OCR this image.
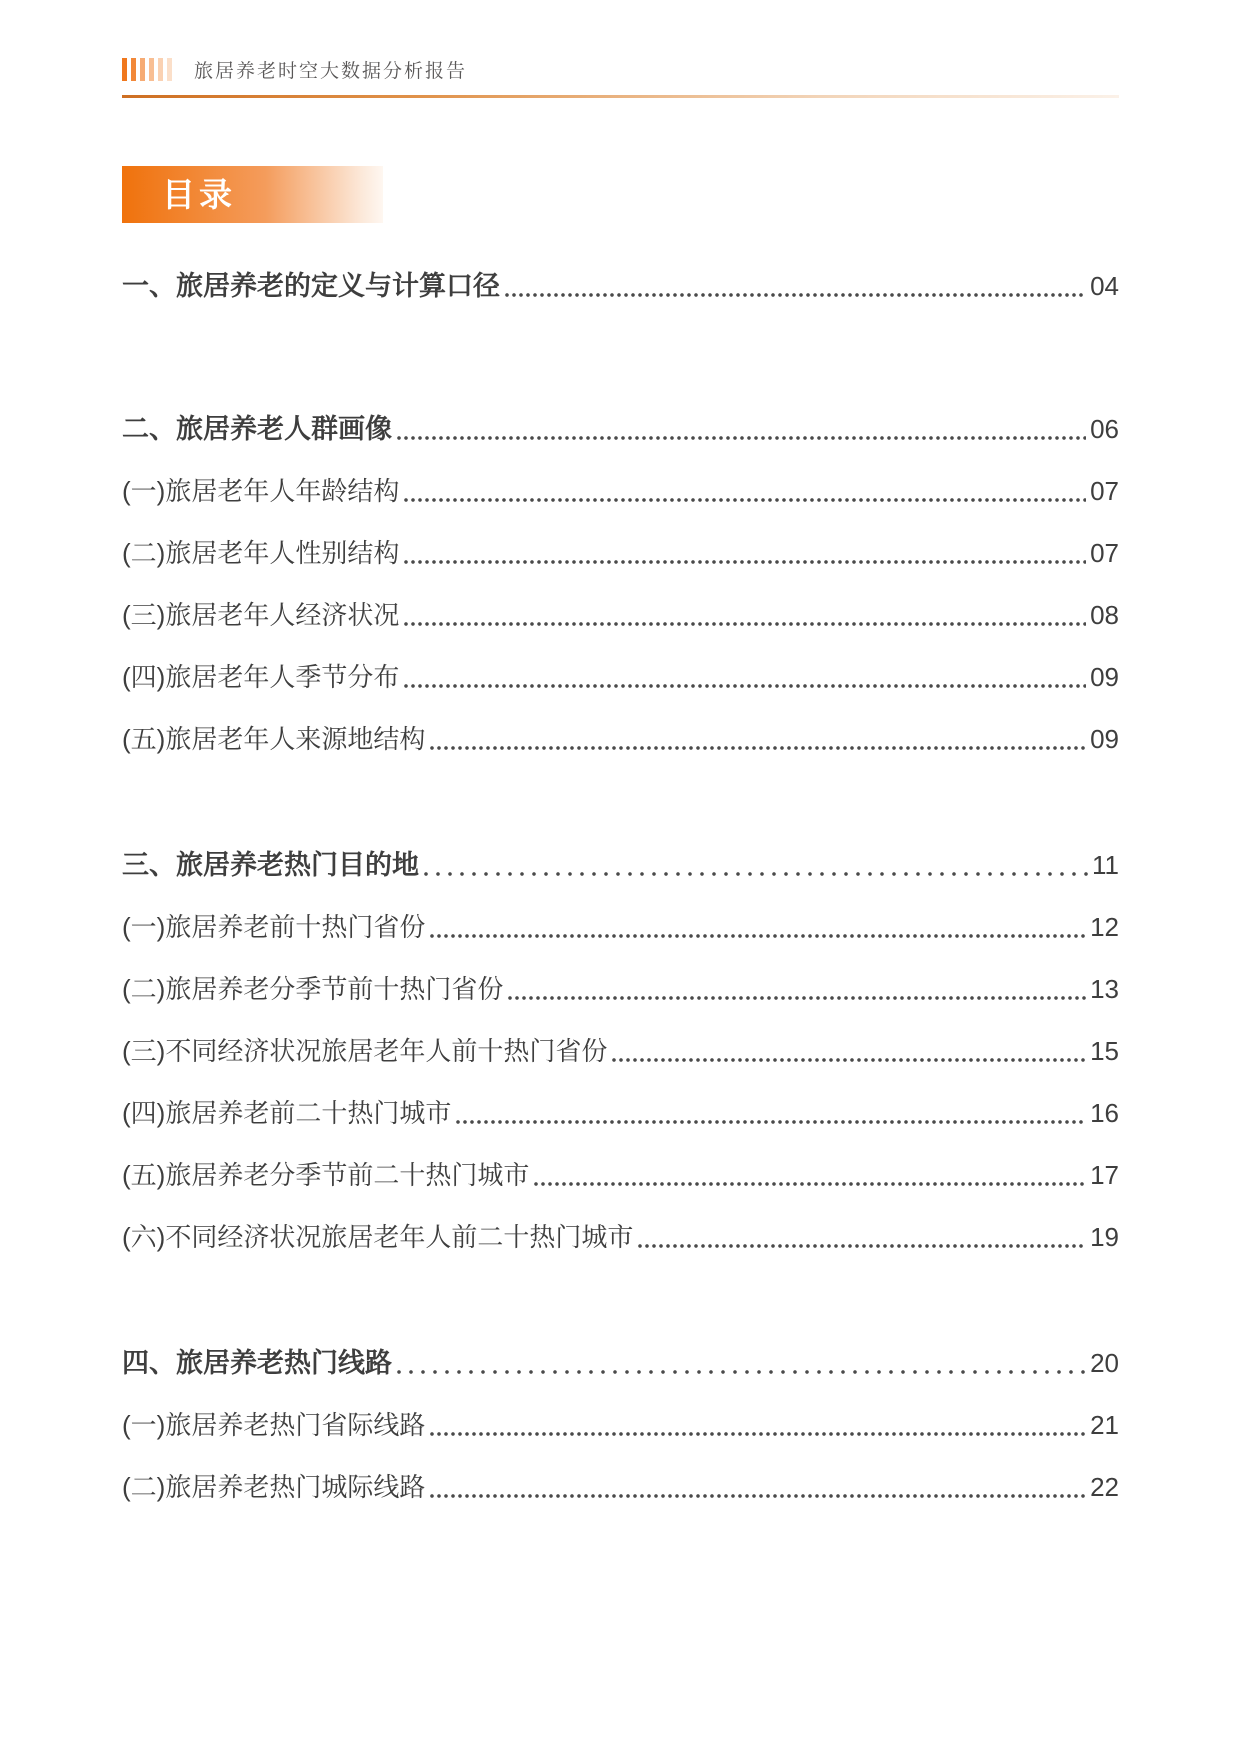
旅居养老时空大数据分析报告
目录
一、旅居养老的定义与计算口径	04
二、旅居养老人群画像	06
(一)旅居老年人年龄结构	07
(二)旅居老年人性别结构	07
(三)旅居老年人经济状况	08
(四)旅居老年人季节分布	09
(五)旅居老年人来源地结构	09
三、旅居养老热门目的地	11
(一)旅居养老前十热门省份	12
(二)旅居养老分季节前十热门省份	13
(三)不同经济状况旅居老年人前十热门省份	15
(四)旅居养老前二十热门城市	16
(五)旅居养老分季节前二十热门城市	17
(六)不同经济状况旅居老年人前二十热门城市	19
四、旅居养老热门线路	20
(一)旅居养老热门省际线路	21
(二)旅居养老热门城际线路	22
